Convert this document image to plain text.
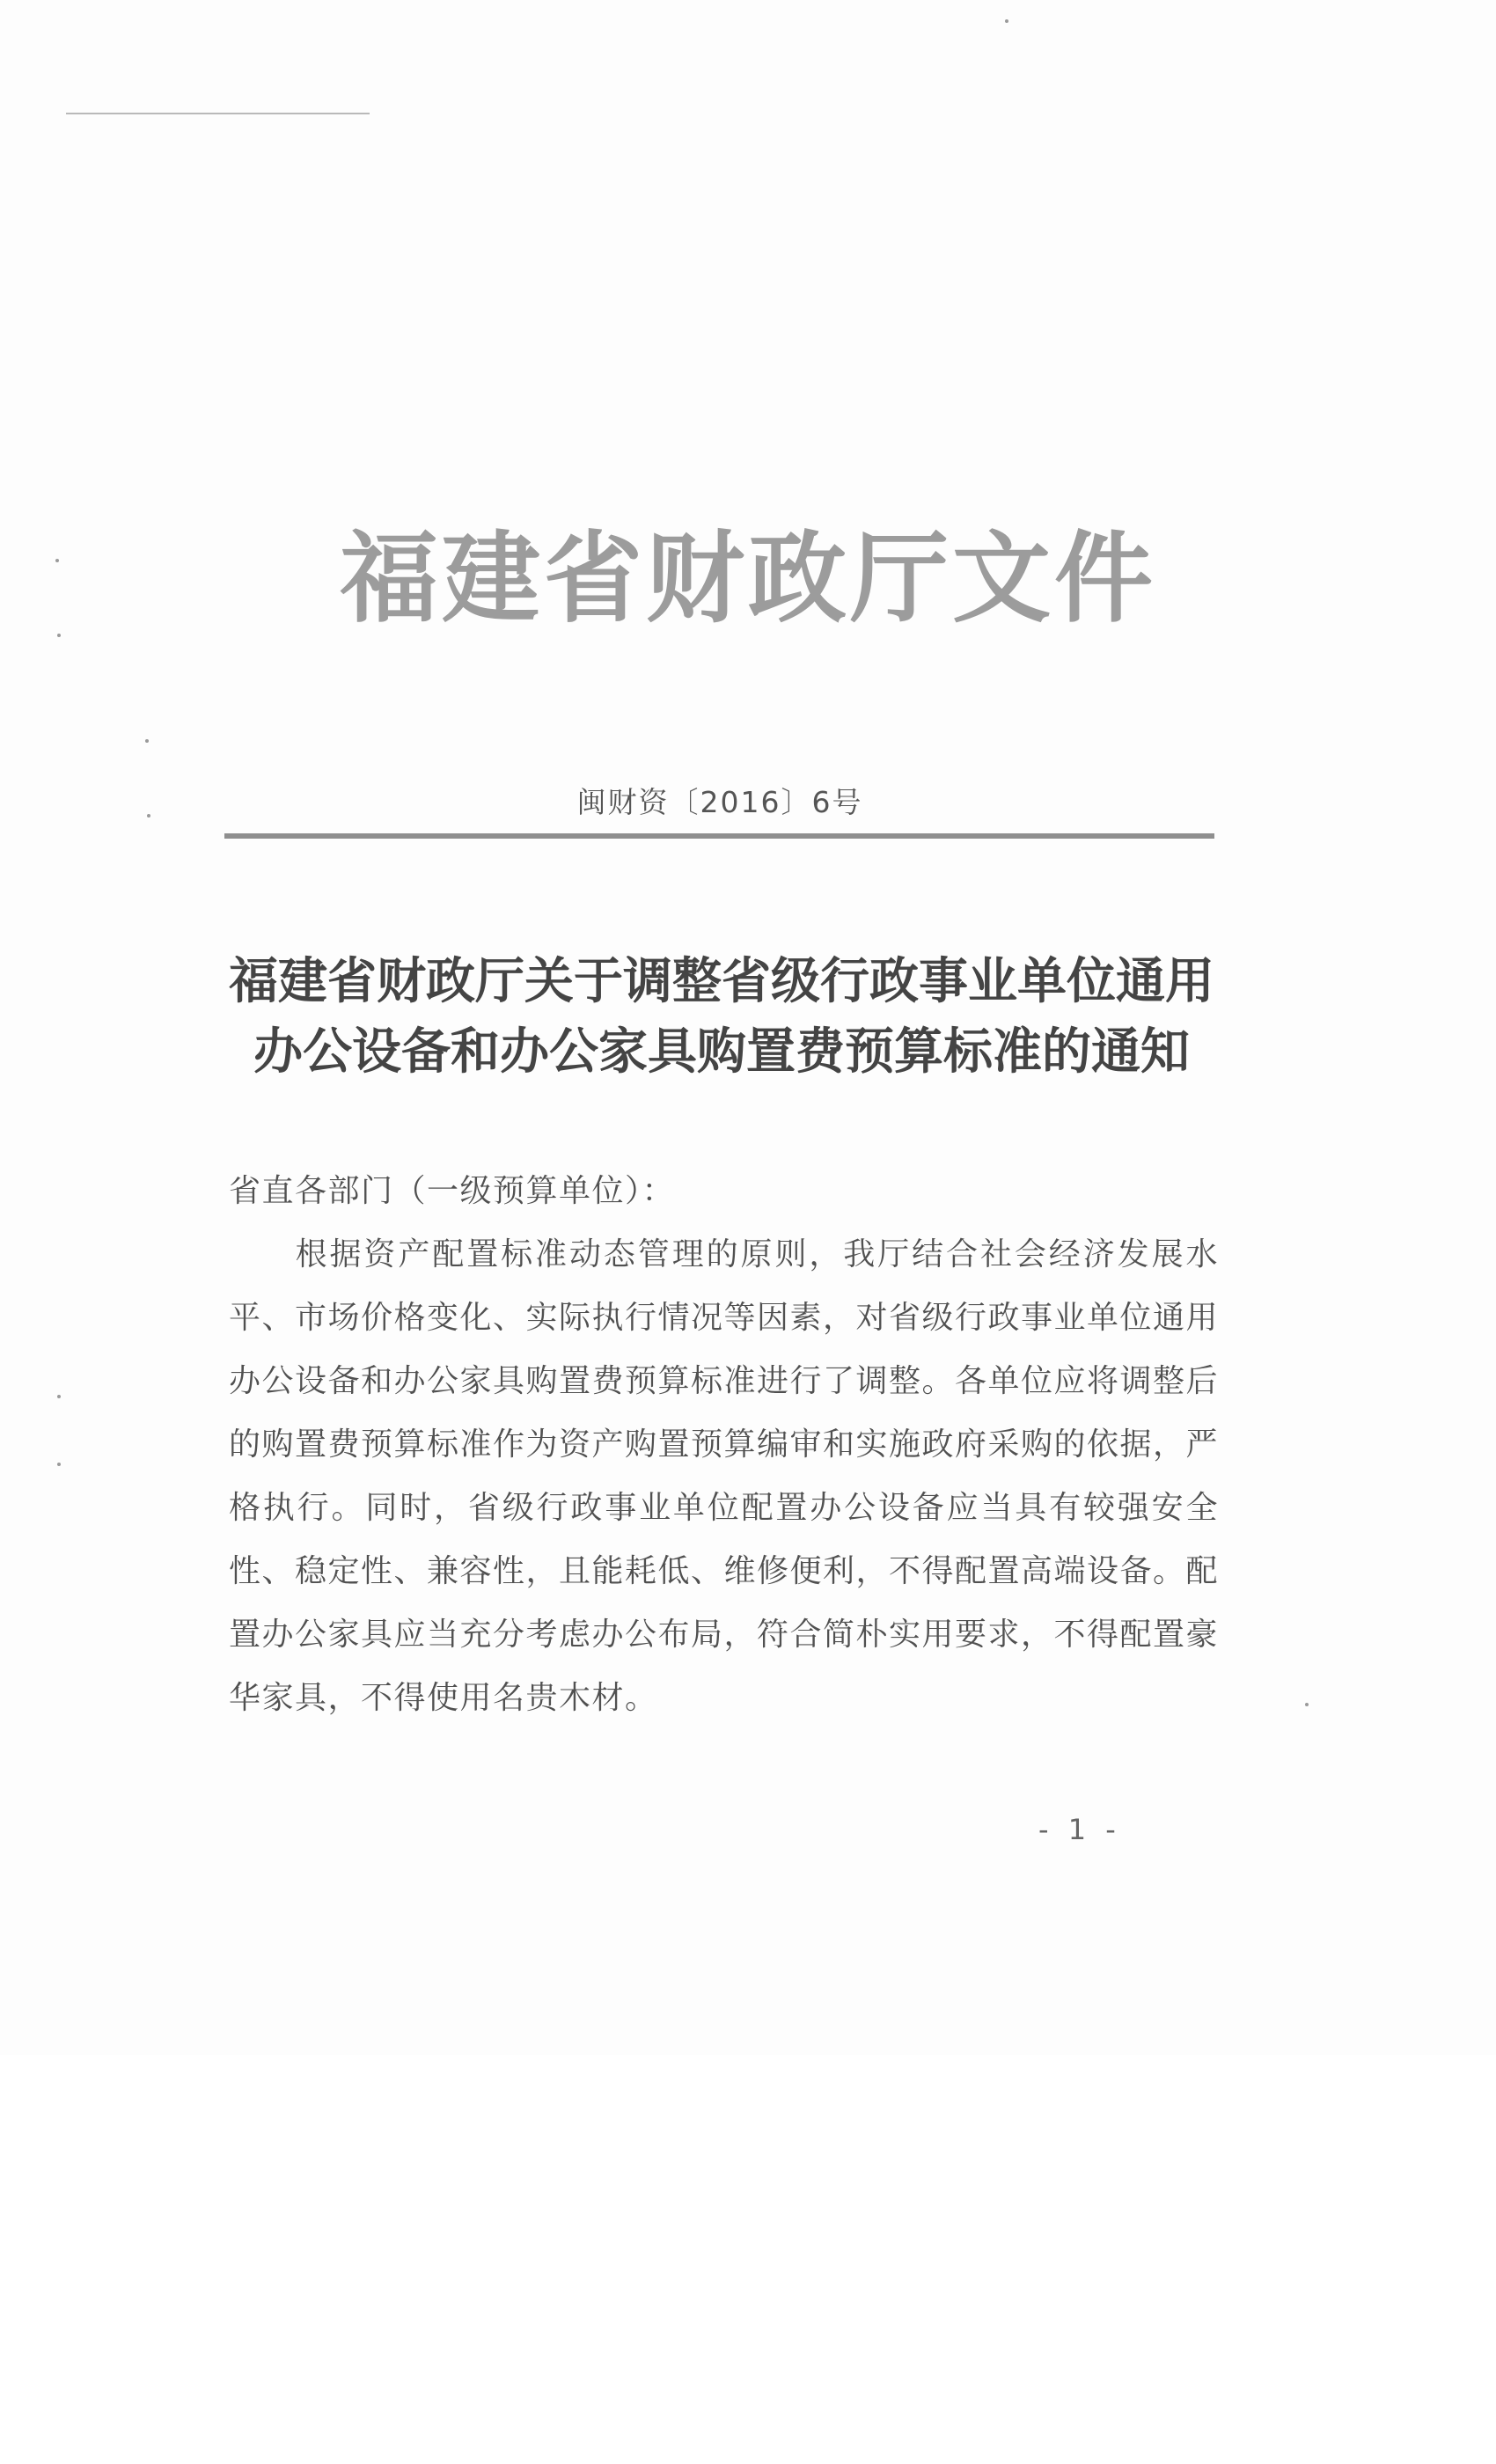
福建省财政厅文件
闽财资〔2016〕6号
福建省财政厅关于调整省级行政事业单位通用
办公设备和办公家具购置费预算标准的通知

省直各部门（一级预算单位）：

根据资产配置标准动态管理的原则，我厅结合社会经济发展水平、市场价格变化、实际执行情况等因素，对省级行政事业单位通用办公设备和办公家具购置费预算标准进行了调整。各单位应将调整后的购置费预算标准作为资产购置预算编审和实施政府采购的依据，严格执行。同时，省级行政事业单位配置办公设备应当具有较强安全性、稳定性、兼容性，且能耗低、维修便利，不得配置高端设备。配置办公家具应当充分考虑办公布局，符合简朴实用要求，不得配置豪华家具，不得使用名贵木材。

- 1 -
